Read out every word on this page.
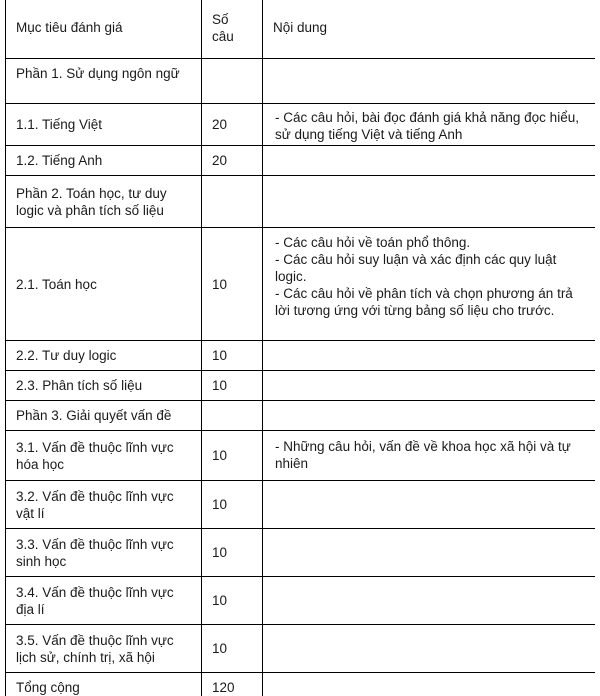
Mục tiêu đánh giá	Số câu	Nội dung
Phần 1. Sử dụng ngôn ngữ		
1.1. Tiếng Việt	20	- Các câu hỏi, bài đọc đánh giá khả năng đọc hiểu, sử dụng tiếng Việt và tiếng Anh
1.2. Tiếng Anh	20	
Phần 2. Toán học, tư duy logic và phân tích số liệu		
2.1. Toán học	10	- Các câu hỏi về toán phổ thông.
- Các câu hỏi suy luận và xác định các quy luật logic.
- Các câu hỏi về phân tích và chọn phương án trả lời tương ứng với từng bảng số liệu cho trước.

2.2. Tư duy logic	10	
2.3. Phân tích số liệu	10	
Phần 3. Giải quyết vấn đề		
3.1. Vấn đề thuộc lĩnh vực hóa học	10	- Những câu hỏi, vấn đề về khoa học xã hội và tự nhiên
3.2. Vấn đề thuộc lĩnh vực vật lí	10	
3.3. Vấn đề thuộc lĩnh vực sinh học	10	
3.4. Vấn đề thuộc lĩnh vực địa lí	10	
3.5. Vấn đề thuộc lĩnh vực lịch sử, chính trị, xã hội	10	
Tổng cộng	120	
